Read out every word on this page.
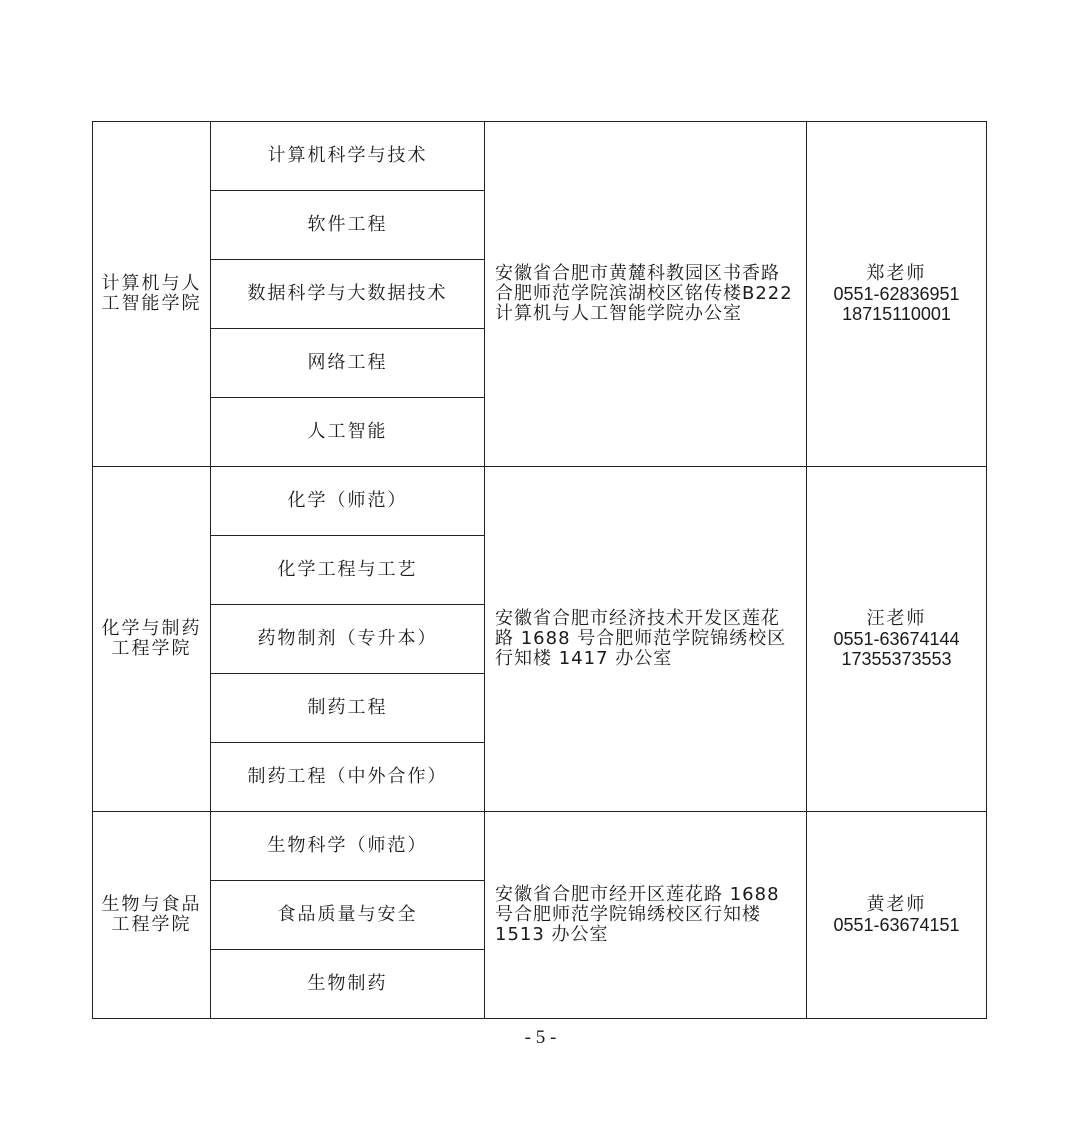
计算机与人工智能学院	计算机科学与技术	安徽省合肥市黄麓科教园区书香路合肥师范学院滨湖校区铭传楼B222计算机与人工智能学院办公室	郑老师
0551-62836951
18715110001

	软件工程		
	数据科学与大数据技术		
	网络工程		
	人工智能		
化学与制药工程学院	化学（师范）	安徽省合肥市经济技术开发区莲花路 1688 号合肥师范学院锦绣校区行知楼 1417 办公室	汪老师
0551-63674144
17355373553

	化学工程与工艺		
	药物制剂（专升本）		
	制药工程		
	制药工程（中外合作）		
生物与食品工程学院	生物科学（师范）	安徽省合肥市经开区莲花路 1688 号合肥师范学院锦绣校区行知楼 1513 办公室	黄老师
0551-63674151

	食品质量与安全		
	生物制药		
- 5 -
